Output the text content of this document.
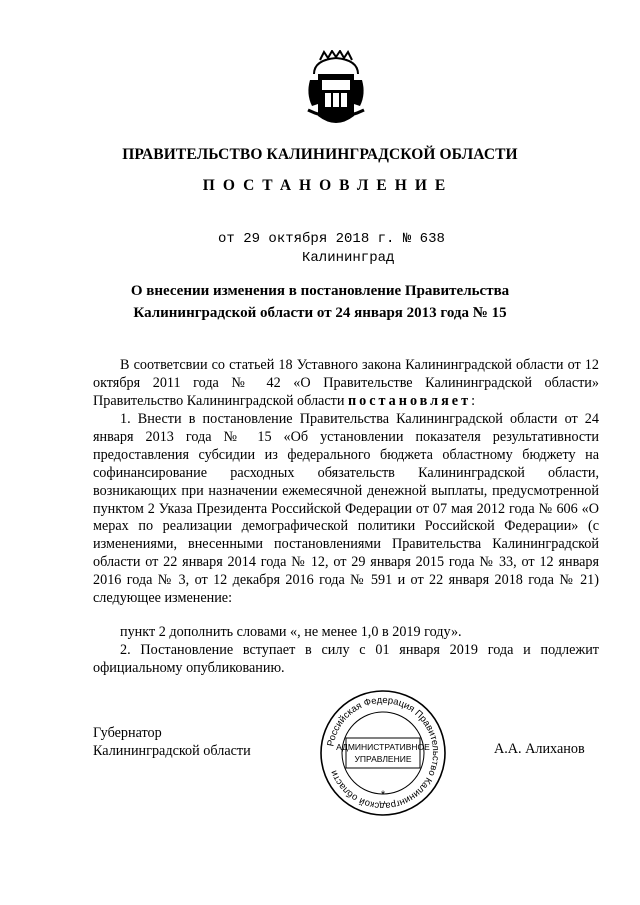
ПРАВИТЕЛЬСТВО КАЛИНИНГРАДСКОЙ ОБЛАСТИ
ПОСТАНОВЛЕНИЕ
от 29 октября 2018 г. № 638
Калининград
О внесении изменения в постановление Правительства
Калининградской области от 24 января 2013 года № 15

В соответсвии со статьей 18 Уставного закона Калининградской области от 12 октября 2011 года № 42 «О Правительстве Калининградской области» Правительство Калининградской области постановляет:

1. Внести в постановление Правительства Калининградской области от 24 января 2013 года № 15 «Об установлении показателя результативности предоставления субсидии из федерального бюджета областному бюджету на софинансирование расходных обязательств Калининградской области, возникающих при назначении ежемесячной денежной выплаты, предусмотренной пунктом 2 Указа Президента Российской Федерации от 07 мая 2012 года № 606 «О мерах по реализации демографической политики Российской Федерации» (с изменениями, внесенными постановлениями Правительства Калининградской области от 22 января 2014 года № 12, от 29 января 2015 года № 33, от 12 января 2016 года № 3, от 12 декабря 2016 года № 591 и от 22 января 2018 года № 21) следующее изменение:

пункт 2 дополнить словами «, не менее 1,0 в 2019 году».

2. Постановление вступает в силу с 01 января 2019 года и подлежит официальному опубликованию.

Губернатор
Калининградской области	А.А. Алиханов
Российская Федерация Правительство Калининградской области
АДМИНИСТРАТИВНОЕ
УПРАВЛЕНИЕ
*
